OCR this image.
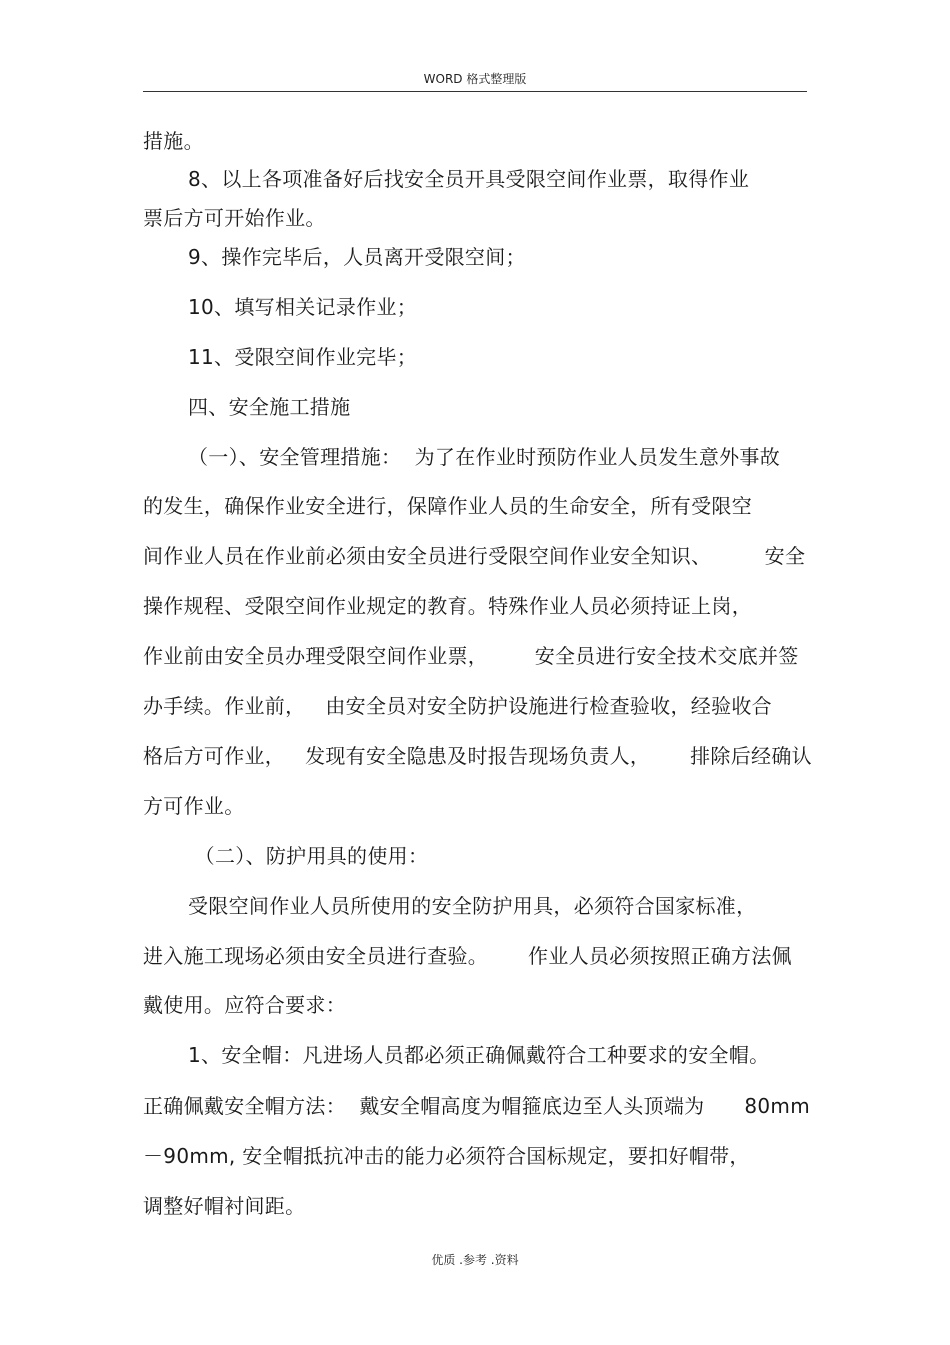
WORD 格式整理版
措施。
8、以上各项准备好后找安全员开具受限空间作业票，取得作业
票后方可开始作业。
9、操作完毕后，人员离开受限空间；
10、填写相关记录作业；
11、受限空间作业完毕；
四、安全施工措施
（一）、安全管理措施：  为了在作业时预防作业人员发生意外事故
的发生，确保作业安全进行，保障作业人员的生命安全，所有受限空
间作业人员在作业前必须由安全员进行受限空间作业安全知识、        安全
操作规程、受限空间作业规定的教育。特殊作业人员必须持证上岗，
作业前由安全员办理受限空间作业票，       安全员进行安全技术交底并签
办手续。作业前，   由安全员对安全防护设施进行检查验收，经验收合
格后方可作业，   发现有安全隐患及时报告现场负责人，      排除后经确认
方可作业。
（二）、防护用具的使用：
受限空间作业人员所使用的安全防护用具，必须符合国家标准，
进入施工现场必须由安全员进行查验。      作业人员必须按照正确方法佩
戴使用。应符合要求：
1、安全帽：凡进场人员都必须正确佩戴符合工种要求的安全帽。
正确佩戴安全帽方法：  戴安全帽高度为帽箍底边至人头顶端为      80mm
－90mm, 安全帽抵抗冲击的能力必须符合国标规定，要扣好帽带，
调整好帽衬间距。
优质 .参考 .资料
